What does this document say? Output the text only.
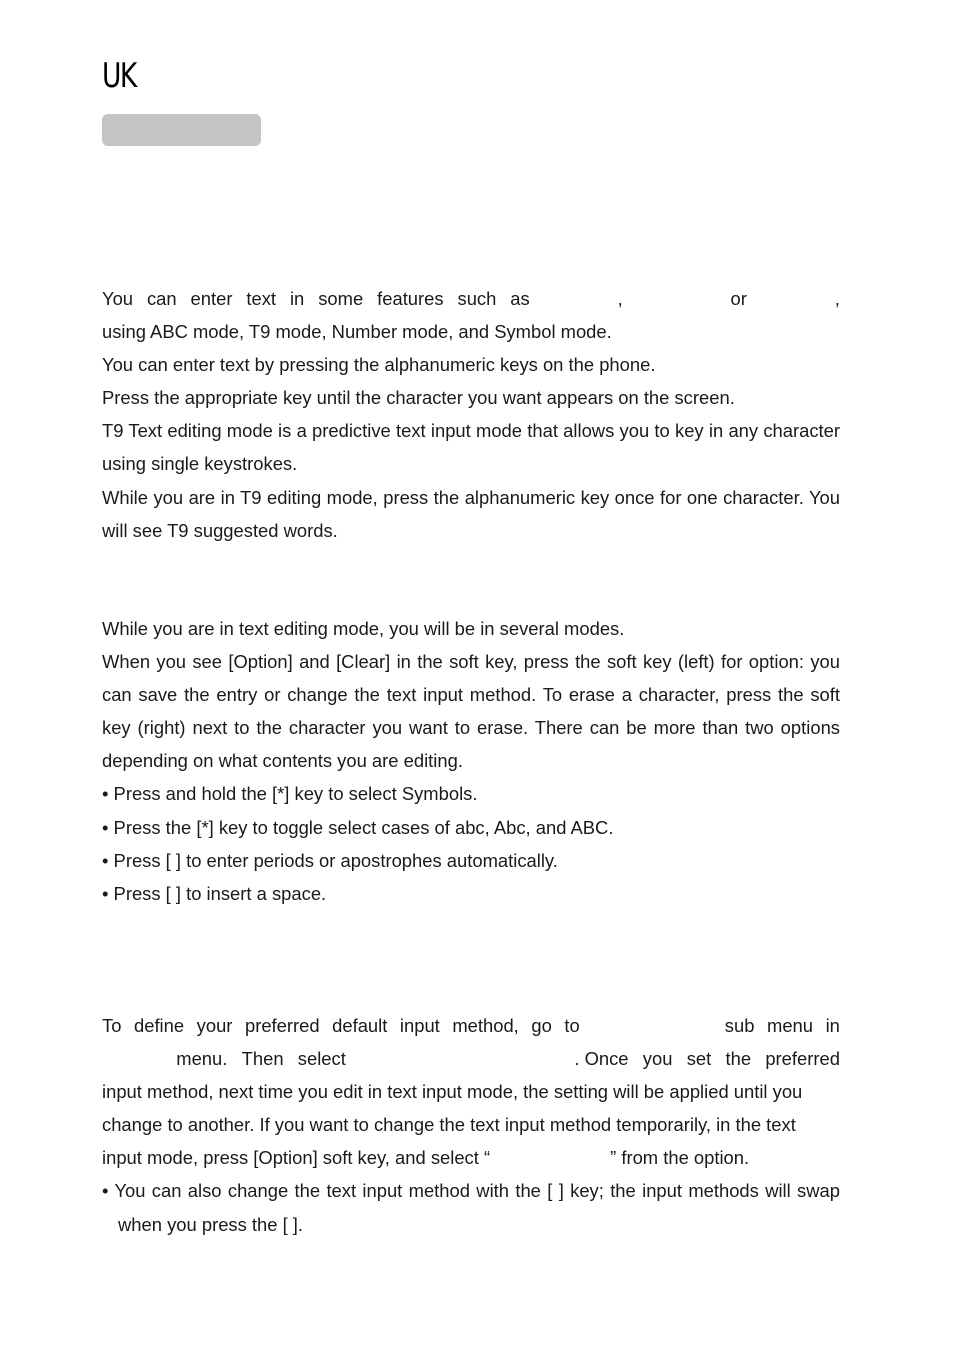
UK
You can enter text in some features such as	,	or	,
using ABC mode, T9 mode, Number mode, and Symbol mode.
You can enter text by pressing the alphanumeric keys on the phone.
Press the appropriate key until the character you want appears on the screen.

T9 Text editing mode is a predictive text input mode that allows you to key in any character using single keystrokes.

While you are in T9 editing mode, press the alphanumeric key once for one character. You will see T9 suggested words.

While you are in text editing mode, you will be in several modes.

When you see [Option] and [Clear] in the soft key, press the soft key (left) for option: you can save the entry or change the text input method. To erase a character, press the soft key (right) next to the character you want to erase. There can be more than two options depending on what contents you are editing.

• Press and hold the [*] key to select Symbols.

• Press the [*] key to toggle select cases of abc, Abc, and ABC.

• Press [ ] to enter periods or apostrophes automatically.

• Press [ ] to insert a space.

To define your preferred default input method, go to	sub menu in
menu. Then select	. Once you set the preferred
input method, next time you edit in text input mode, the setting will be applied until you
change to another. If you want to change the text input method temporarily, in the text
input mode, press [Option] soft key, and select “	” from the option.

• You can also change the text input method with the [ ] key; the input methods will swap when you press the [ ].
